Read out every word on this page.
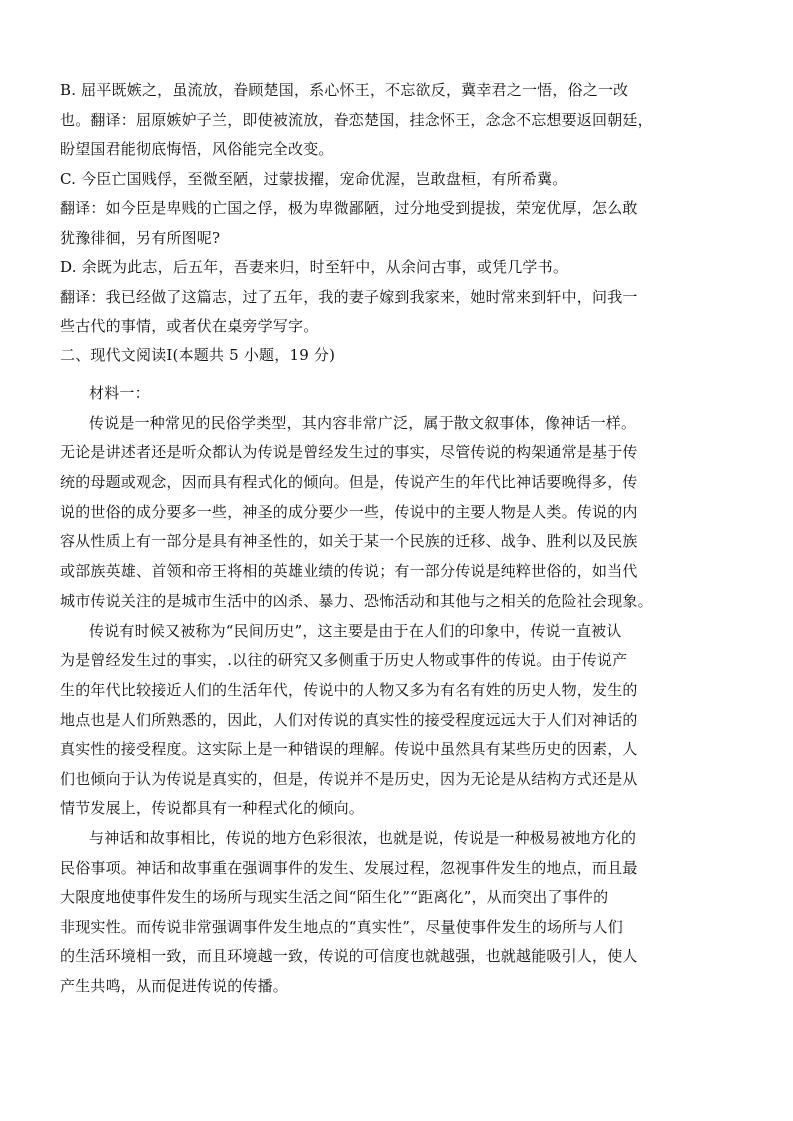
B. 屈平既嫉之，虽流放，眷顾楚国，系心怀王，不忘欲反，冀幸君之一悟，俗之一改
也。翻译：屈原嫉妒子兰，即使被流放，眷恋楚国，挂念怀王，念念不忘想要返回朝廷，
盼望国君能彻底悔悟，风俗能完全改变。
C. 今臣亡国贱俘，至微至陋，过蒙拔擢，宠命优渥，岂敢盘桓，有所希冀。
翻译：如今臣是卑贱的亡国之俘，极为卑微鄙陋，过分地受到提拔，荣宠优厚，怎么敢
犹豫徘徊，另有所图呢?
D. 余既为此志，后五年，吾妻来归，时至轩中，从余问古事，或凭几学书。
翻译：我已经做了这篇志，过了五年，我的妻子嫁到我家来，她时常来到轩中，问我一
些古代的事情，或者伏在桌旁学写字。
二、现代文阅读Ⅰ(本题共 5 小题，19 分)
材料一：
传说是一种常见的民俗学类型，其内容非常广泛，属于散文叙事体，像神话一样。
无论是讲述者还是听众都认为传说是曾经发生过的事实，尽管传说的构架通常是基于传
统的母题或观念，因而具有程式化的倾向。但是，传说产生的年代比神话要晚得多，传
说的世俗的成分要多一些，神圣的成分要少一些，传说中的主要人物是人类。传说的内
容从性质上有一部分是具有神圣性的，如关于某一个民族的迁移、战争、胜利以及民族
或部族英雄、首领和帝王将相的英雄业绩的传说；有一部分传说是纯粹世俗的，如当代
城市传说关注的是城市生活中的凶杀、暴力、恐怖活动和其他与之相关的危险社会现象。
传说有时候又被称为“民间历史”，这主要是由于在人们的印象中，传说一直被认
为是曾经发生过的事实，.以往的研究又多侧重于历史人物或事件的传说。由于传说产
生的年代比较接近人们的生活年代，传说中的人物又多为有名有姓的历史人物，发生的
地点也是人们所熟悉的，因此，人们对传说的真实性的接受程度远远大于人们对神话的
真实性的接受程度。这实际上是一种错误的理解。传说中虽然具有某些历史的因素，人
们也倾向于认为传说是真实的，但是，传说并不是历史，因为无论是从结构方式还是从
情节发展上，传说都具有一种程式化的倾向。
与神话和故事相比，传说的地方色彩很浓，也就是说，传说是一种极易被地方化的
民俗事项。神话和故事重在强调事件的发生、发展过程，忽视事件发生的地点，而且最
大限度地使事件发生的场所与现实生活之间“陌生化”“距离化”，从而突出了事件的
非现实性。而传说非常强调事件发生地点的“真实性”，尽量使事件发生的场所与人们
的生活环境相一致，而且环境越一致，传说的可信度也就越强，也就越能吸引人，使人
产生共鸣，从而促进传说的传播。
